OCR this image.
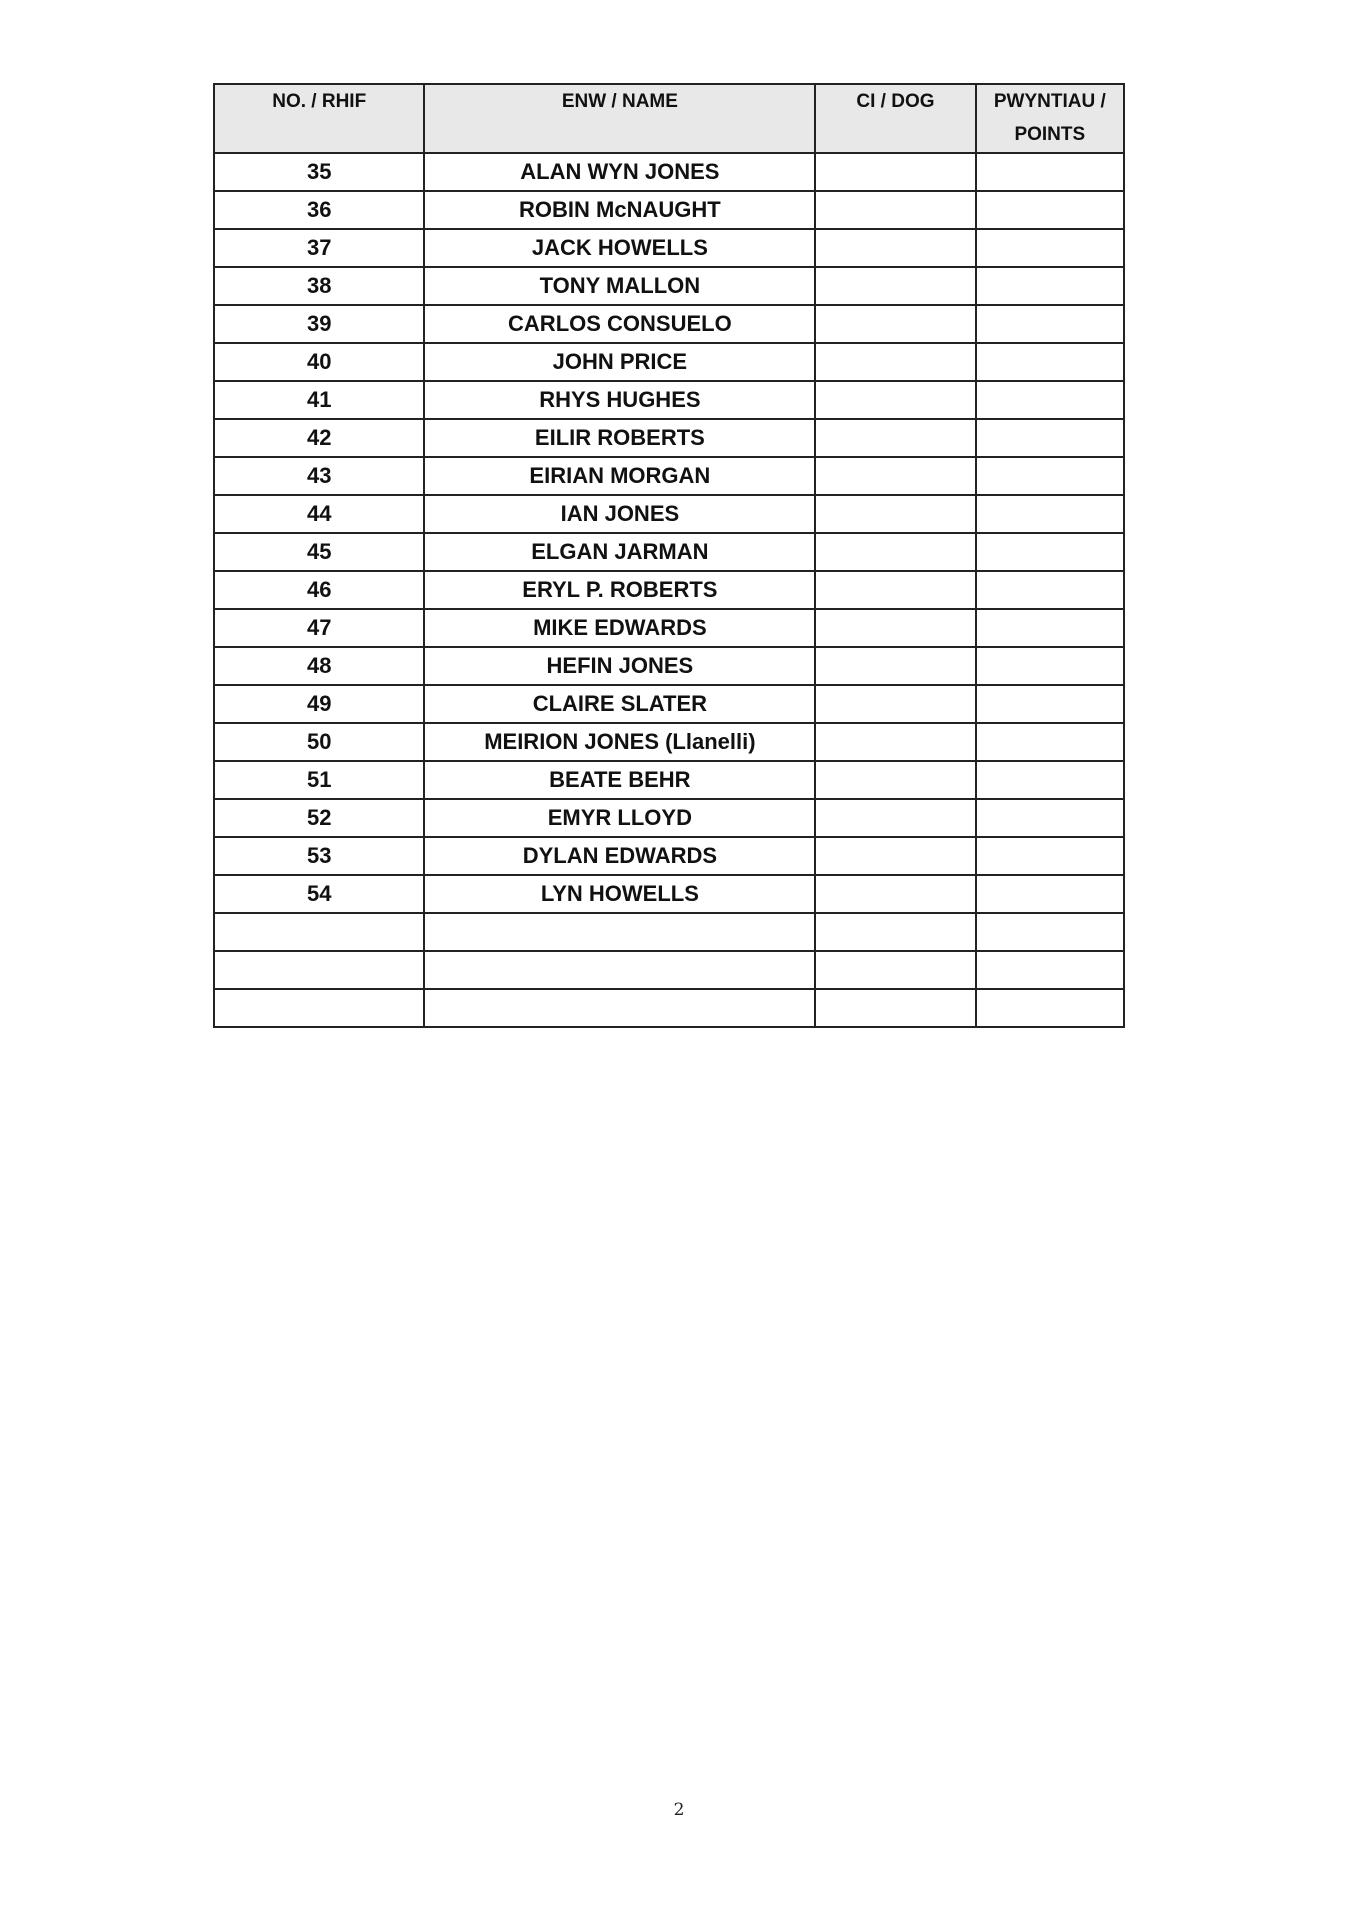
NO. / RHIF	ENW / NAME	CI / DOG	PWYNTIAU / POINTS
35	ALAN WYN JONES		
36	ROBIN McNAUGHT		
37	JACK HOWELLS		
38	TONY MALLON		
39	CARLOS CONSUELO		
40	JOHN PRICE		
41	RHYS HUGHES		
42	EILIR ROBERTS		
43	EIRIAN MORGAN		
44	IAN JONES		
45	ELGAN JARMAN		
46	ERYL P. ROBERTS		
47	MIKE EDWARDS		
48	HEFIN JONES		
49	CLAIRE SLATER		
50	MEIRION JONES (Llanelli)		
51	BEATE BEHR		
52	EMYR LLOYD		
53	DYLAN EDWARDS		
54	LYN HOWELLS		

2
